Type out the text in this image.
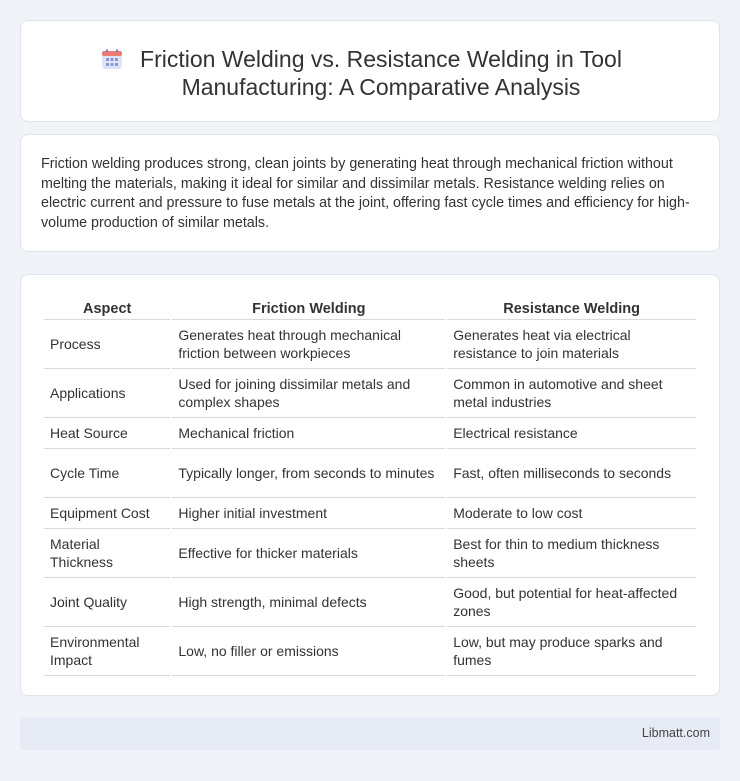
Friction Welding vs. Resistance Welding in Tool Manufacturing: A Comparative Analysis

Friction welding produces strong, clean joints by generating heat through mechanical friction without melting the materials, making it ideal for similar and dissimilar metals. Resistance welding relies on electric current and pressure to fuse metals at the joint, offering fast cycle times and efficiency for high-volume production of similar metals.

Aspect	Friction Welding	Resistance Welding
Process	Generates heat through mechanical friction between workpieces	Generates heat via electrical resistance to join materials
Applications	Used for joining dissimilar metals and complex shapes	Common in automotive and sheet metal industries
Heat Source	Mechanical friction	Electrical resistance
Cycle Time	Typically longer, from seconds to minutes	Fast, often milliseconds to seconds
Equipment Cost	Higher initial investment	Moderate to low cost
Material Thickness	Effective for thicker materials	Best for thin to medium thickness sheets
Joint Quality	High strength, minimal defects	Good, but potential for heat-affected zones
Environmental Impact	Low, no filler or emissions	Low, but may produce sparks and fumes
Libmatt.com
